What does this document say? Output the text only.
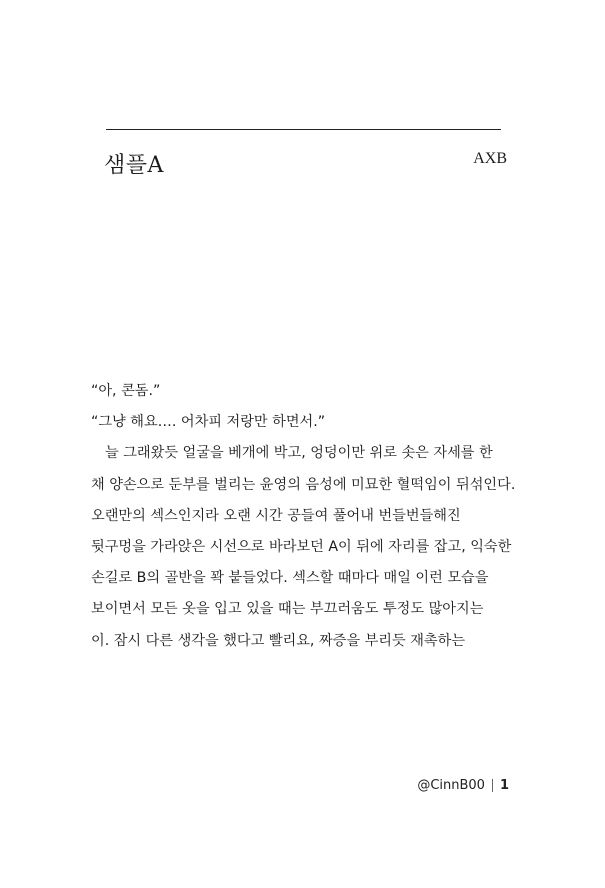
샘플A	AXB
“아, 콘돔.”
“그냥 해요…. 어차피 저랑만 하면서.”
늘 그래왔듯 얼굴을 베개에 박고, 엉덩이만 위로 솟은 자세를 한
채 양손으로 둔부를 벌리는 윤영의 음성에 미묘한 혈떡임이 뒤섞인다.
오랜만의 섹스인지라 오랜 시간 공들여 풀어내 번들번들해진
뒷구멍을 가라앉은 시선으로 바라보던 A이 뒤에 자리를 잡고, 익숙한
손길로 B의 골반을 꽉 붙들었다. 섹스할 때마다 매일 이런 모습을
보이면서 모든 옷을 입고 있을 때는 부끄러움도 투정도 많아지는
이. 잠시 다른 생각을 했다고 빨리요, 짜증을 부리듯 재촉하는
@CinnB00 1
